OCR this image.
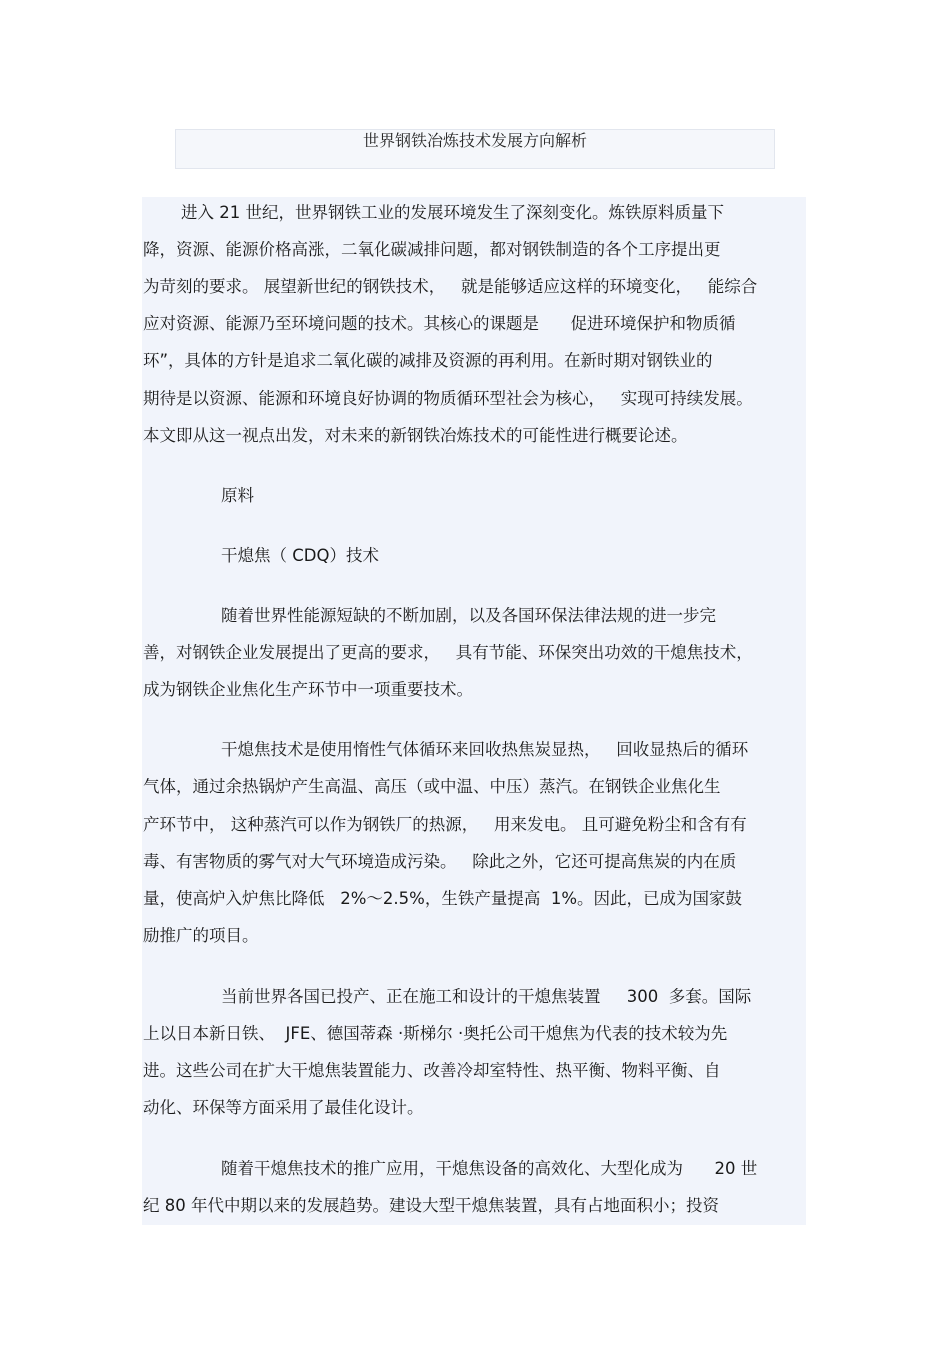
世界钢铁冶炼技术发展方向解析
进入 21 世纪，世界钢铁工业的发展环境发生了深刻变化。炼铁原料质量下
降，资源、能源价格高涨，二氧化碳减排问题，都对钢铁制造的各个工序提出更
为苛刻的要求。 展望新世纪的钢铁技术，   就是能够适应这样的环境变化，   能综合
应对资源、能源乃至环境问题的技术。其核心的课题是      促进环境保护和物质循
环”，具体的方针是追求二氧化碳的减排及资源的再利用。在新时期对钢铁业的
期待是以资源、能源和环境良好协调的物质循环型社会为核心，   实现可持续发展。
本文即从这一视点出发，对未来的新钢铁冶炼技术的可能性进行概要论述。
原料
干熄焦（ CDQ）技术
随着世界性能源短缺的不断加剧，以及各国环保法律法规的进一步完
善，对钢铁企业发展提出了更高的要求，   具有节能、环保突出功效的干熄焦技术，
成为钢铁企业焦化生产环节中一项重要技术。
干熄焦技术是使用惰性气体循环来回收热焦炭显热，   回收显热后的循环
气体，通过余热锅炉产生高温、高压（或中温、中压）蒸汽。在钢铁企业焦化生
产环节中， 这种蒸汽可以作为钢铁厂的热源，   用来发电。 且可避免粉尘和含有有
毒、有害物质的雾气对大气环境造成污染。   除此之外，它还可提高焦炭的内在质
量，使高炉入炉焦比降低   2%～2.5%，生铁产量提高  1%。因此，已成为国家鼓
励推广的项目。
当前世界各国已投产、正在施工和设计的干熄焦装置     300  多套。国际
上以日本新日铁、  JFE、德国蒂森 ·斯梯尔 ·奥托公司干熄焦为代表的技术较为先
进。这些公司在扩大干熄焦装置能力、改善冷却室特性、热平衡、物料平衡、自
动化、环保等方面采用了最佳化设计。
随着干熄焦技术的推广应用，干熄焦设备的高效化、大型化成为      20 世
纪 80 年代中期以来的发展趋势。建设大型干熄焦装置，具有占地面积小；投资
